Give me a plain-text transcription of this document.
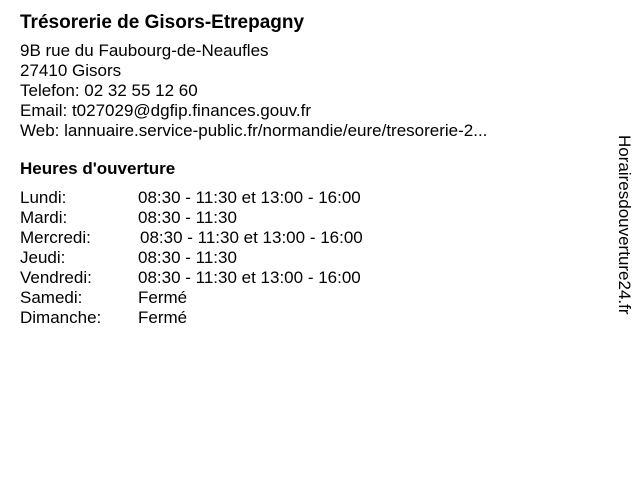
Trésorerie de Gisors-Etrepagny
9B rue du Faubourg-de-Neaufles
27410 Gisors
Telefon: 02 32 55 12 60
Email: t027029@dgfip.finances.gouv.fr
Web: lannuaire.service-public.fr/normandie/eure/tresorerie-2...
Heures d'ouverture
Lundi:	08:30 - 11:30 et 13:00 - 16:00
Mardi:	08:30 - 11:30
Mercredi:	08:30 - 11:30 et 13:00 - 16:00
Jeudi:	08:30 - 11:30
Vendredi:	08:30 - 11:30 et 13:00 - 16:00
Samedi:	Fermé
Dimanche:	Fermé
Horairesdouverture24.fr
